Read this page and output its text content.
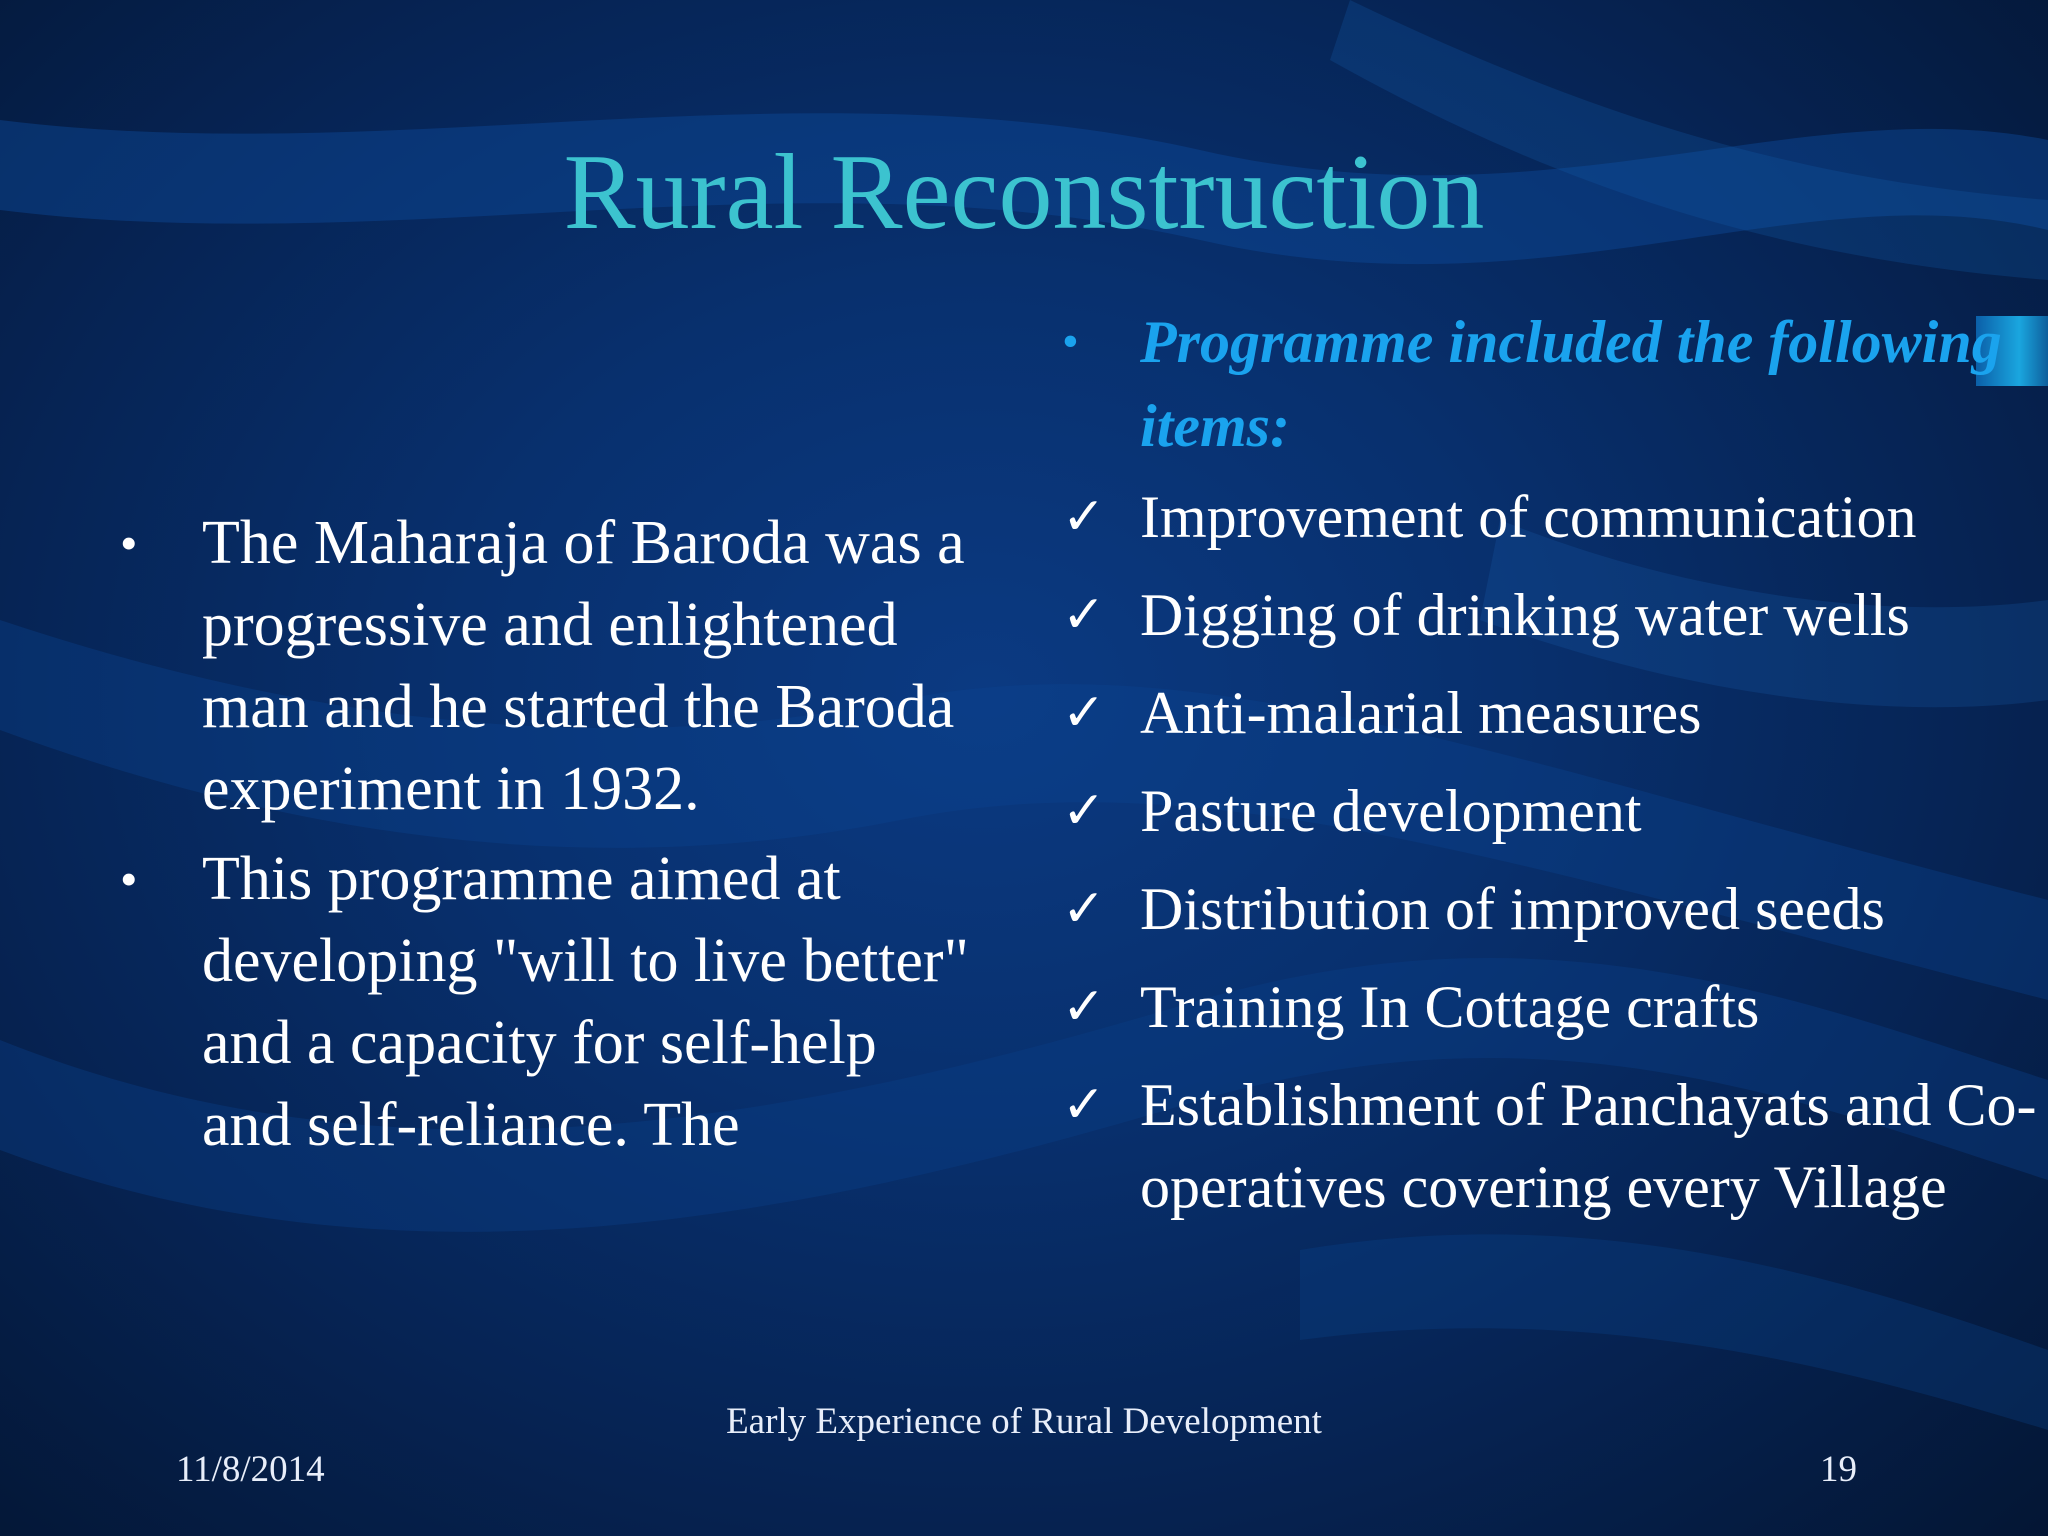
Rural Reconstruction
• The Maharaja of Baroda was a progressive and enlightened man and he started the Baroda experiment in 1932.
• This programme aimed at developing "will to live better" and a capacity for self-help and self-reliance. The
• Programme included the following items:
✓ Improvement of communication
✓ Digging of drinking water wells
✓ Anti-malarial measures
✓ Pasture development
✓ Distribution of improved seeds
✓ Training In Cottage crafts
✓ Establishment of Panchayats and Co-operatives covering every Village
11/8/2014
Early Experience of Rural Development
19
